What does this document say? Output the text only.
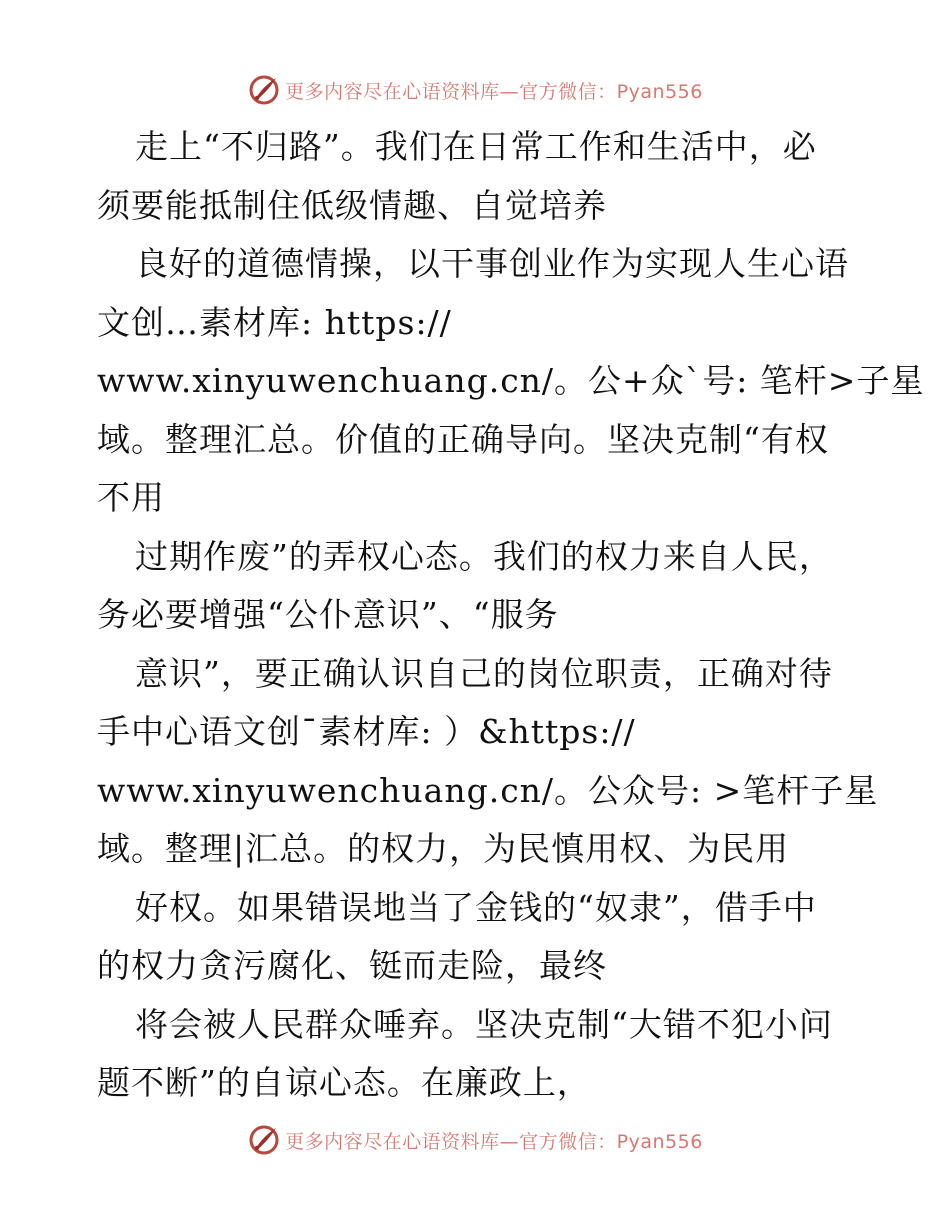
更多内容尽在心语资料库—官方微信：Pyan556
走上“不归路”。我们在日常工作和生活中，必
须要能抵制住低级情趣、自觉培养
良好的道德情操，以干事创业作为实现人生心语
文创…素材库: https://
www.xinyuwenchuang.cn/。公+众`号: 笔杆>子星
域。整理汇总。价值的正确导向。坚决克制“有权
不用
过期作废”的弄权心态。我们的权力来自人民，
务必要增强“公仆意识”、“服务
意识”，要正确认识自己的岗位职责，正确对待
手中心语文创¯素材库: ）&https://
www.xinyuwenchuang.cn/。公众号: >笔杆子星
域。整理|汇总。的权力，为民慎用权、为民用
好权。如果错误地当了金钱的“奴隶”，借手中
的权力贪污腐化、铤而走险，最终
将会被人民群众唾弃。坚决克制“大错不犯小问
题不断”的自谅心态。在廉政上，
更多内容尽在心语资料库—官方微信：Pyan556
